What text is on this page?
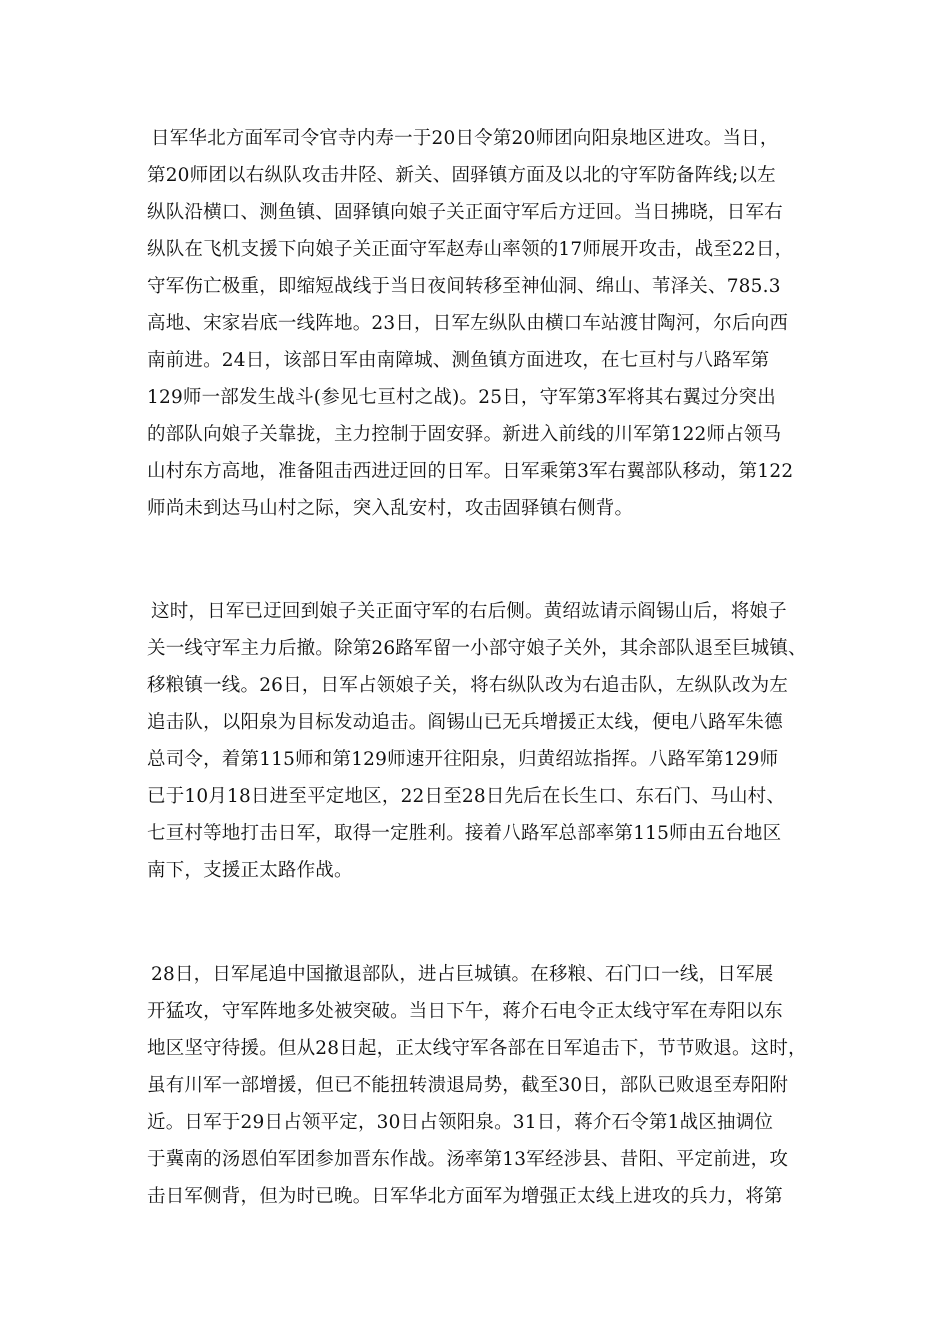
日军华北方面军司令官寺内寿一于20日令第20师团向阳泉地区进攻。当日，
第20师团以右纵队攻击井陉、新关、固驿镇方面及以北的守军防备阵线;以左
纵队沿横口、测鱼镇、固驿镇向娘子关正面守军后方迂回。当日拂晓，日军右
纵队在飞机支援下向娘子关正面守军赵寿山率领的17师展开攻击，战至22日，
守军伤亡极重，即缩短战线于当日夜间转移至神仙洞、绵山、苇泽关、785.3
高地、宋家岩底一线阵地。23日，日军左纵队由横口车站渡甘陶河，尔后向西
南前进。24日，该部日军由南障城、测鱼镇方面进攻，在七亘村与八路军第
129师一部发生战斗(参见七亘村之战)。25日，守军第3军将其右翼过分突出
的部队向娘子关靠拢，主力控制于固安驿。新进入前线的川军第122师占领马
山村东方高地，准备阻击西进迂回的日军。日军乘第3军右翼部队移动，第122
师尚未到达马山村之际，突入乱安村，攻击固驿镇右侧背。
这时，日军已迂回到娘子关正面守军的右后侧。黄绍竑请示阎锡山后，将娘子
关一线守军主力后撤。除第26路军留一小部守娘子关外，其余部队退至巨城镇、
移粮镇一线。26日，日军占领娘子关，将右纵队改为右追击队，左纵队改为左
追击队，以阳泉为目标发动追击。阎锡山已无兵增援正太线，便电八路军朱德
总司令，着第115师和第129师速开往阳泉，归黄绍竑指挥。八路军第129师
已于10月18日进至平定地区，22日至28日先后在长生口、东石门、马山村、
七亘村等地打击日军，取得一定胜利。接着八路军总部率第115师由五台地区
南下，支援正太路作战。
28日，日军尾追中国撤退部队，进占巨城镇。在移粮、石门口一线，日军展
开猛攻，守军阵地多处被突破。当日下午，蒋介石电令正太线守军在寿阳以东
地区坚守待援。但从28日起，正太线守军各部在日军追击下，节节败退。这时，
虽有川军一部增援，但已不能扭转溃退局势，截至30日，部队已败退至寿阳附
近。日军于29日占领平定，30日占领阳泉。31日，蒋介石令第1战区抽调位
于冀南的汤恩伯军团参加晋东作战。汤率第13军经涉县、昔阳、平定前进，攻
击日军侧背，但为时已晚。日军华北方面军为增强正太线上进攻的兵力，将第
